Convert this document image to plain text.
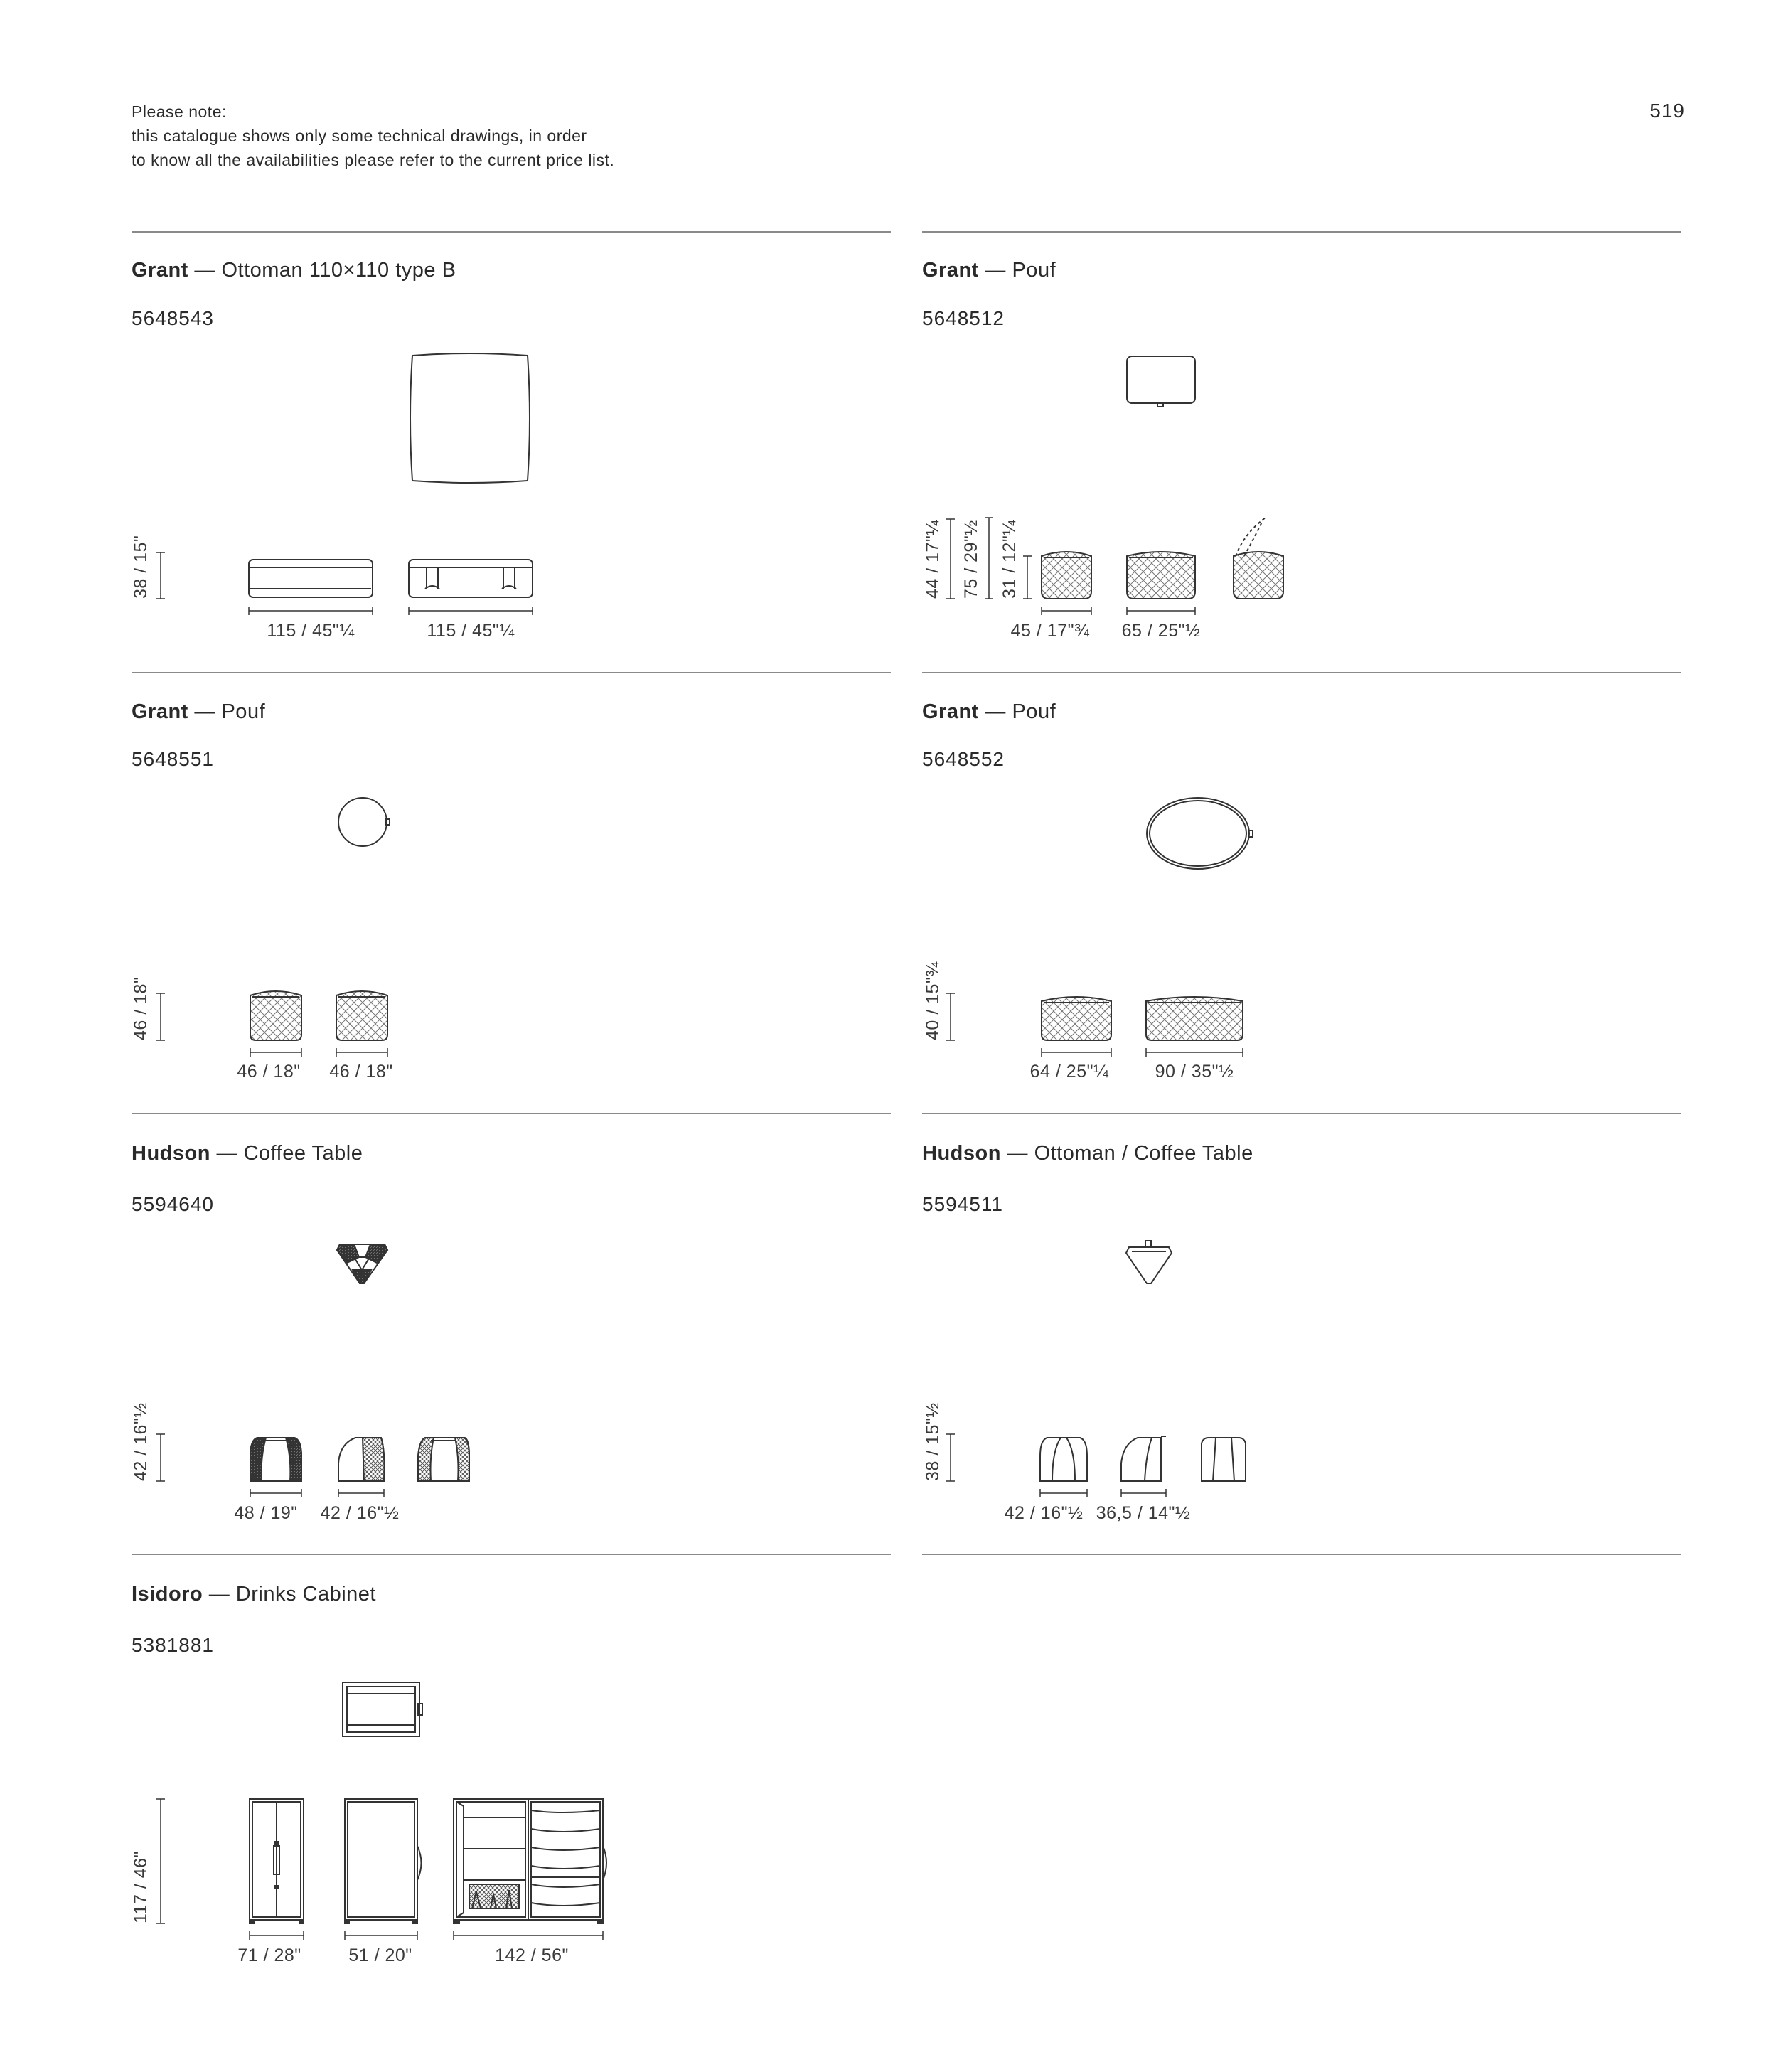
Please note:
this catalogue shows only some technical drawings, in order
to know all the availabilities please refer to the current price list.
519
Grant — Ottoman 110×110 type B
5648543
Grant — Pouf
5648512
Grant — Pouf
5648551
Grant — Pouf
5648552
Hudson — Coffee Table
5594640
Hudson — Ottoman / Coffee Table
5594511
Isidoro — Drinks Cabinet
5381881
38 / 15"	44 / 17"¼ 75 / 29"½ 31 / 12"¼
46 / 18"	40 / 15"¾
42 / 16"½	38 / 15"½
117 / 46"
115 / 45"¼	115 / 45"¼	45 / 17"¾ 65 / 25"½
46 / 18" 46 / 18"	64 / 25"¼	90 / 35"½
48 / 19" 42 / 16"½	42 / 16"½ 36,5 / 14"½
71 / 28"	51 / 20"	142 / 56"
